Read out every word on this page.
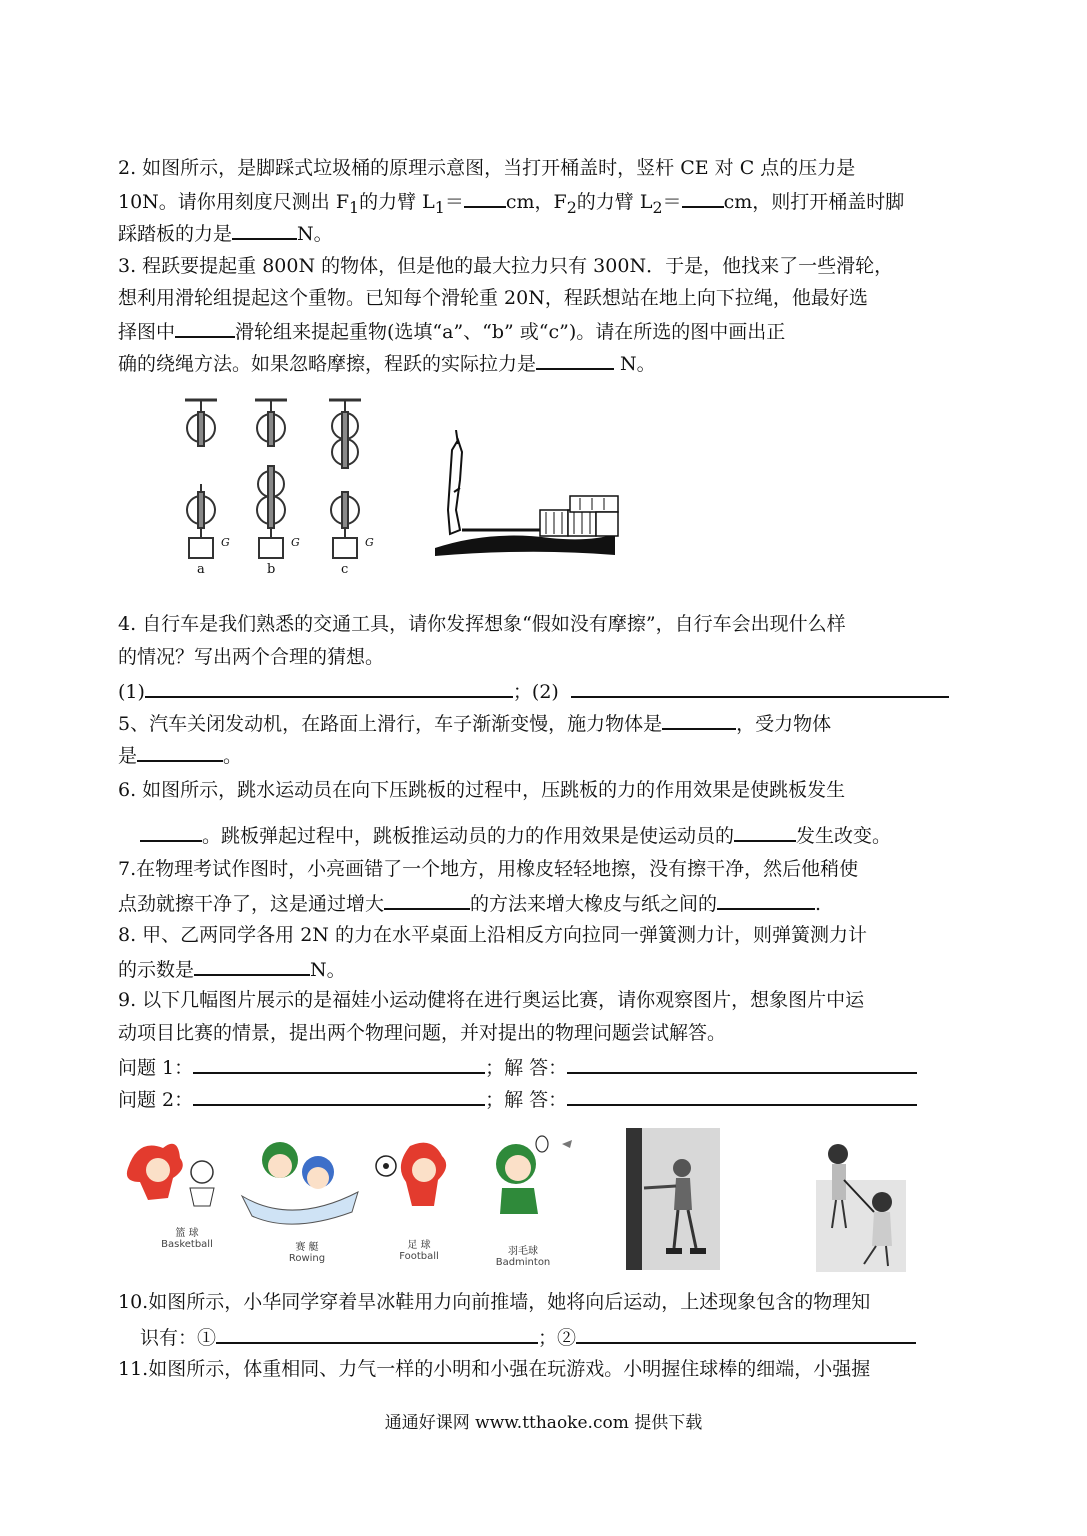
2. 如图所示，是脚踩式垃圾桶的原理示意图，当打开桶盖时，竖杆 CE 对 C 点的压力是
10N。请你用刻度尺测出 $F_1$的力臂 $L_1=$ cm，$F_2$的力臂 $L_2=$ cm，则打开桶盖时脚
踩踏板的力是	N。
3. 程跃要提起重 800N 的物体，但是他的最大拉力只有 300N．于是，他找来了一些滑轮，
想利用滑轮组提起这个重物。已知每个滑轮重 20N，程跃想站在地上向下拉绳，他最好选
择图中	滑轮组来提起重物(选填“a”、“b” 或“c”)。请在所选的图中画出正
确的绕绳方法。如果忽略摩擦，程跃的实际拉力是	N。
G	G	G
a	b	c
4. 自行车是我们熟悉的交通工具，请你发挥想象“假如没有摩擦”，自行车会出现什么样
的情况？写出两个合理的猜想。
(1)	；(2)
5、汽车关闭发动机，在路面上滑行，车子渐渐变慢，施力物体是	，受力物体
是	。
6. 如图所示，跳水运动员在向下压跳板的过程中，压跳板的力的作用效果是使跳板发生
。跳板弹起过程中，跳板推运动员的力的作用效果是使运动员的	发生改变。
7.在物理考试作图时，小亮画错了一个地方，用橡皮轻轻地擦，没有擦干净，然后他稍使
点劲就擦干净了，这是通过增大	的方法来增大橡皮与纸之间的	.
8. 甲、乙两同学各用 2N 的力在水平桌面上沿相反方向拉同一弹簧测力计，则弹簧测力计
的示数是	N。
9. 以下几幅图片展示的是福娃小运动健将在进行奥运比赛，请你观察图片，想象图片中运
动项目比赛的情景，提出两个物理问题，并对提出的物理问题尝试解答。
问题 1：	；解 答：
问题 2：	；解 答：
篮 球
Basketball	赛 艇
Rowing
足 球
Football	羽毛球
Badminton
10.如图所示，小华同学穿着旱冰鞋用力向前推墙，她将向后运动，上述现象包含的物理知
识有：①	；②
11.如图所示，体重相同、力气一样的小明和小强在玩游戏。小明握住球棒的细端，小强握
通通好课网 www.tthaoke.com 提供下载
